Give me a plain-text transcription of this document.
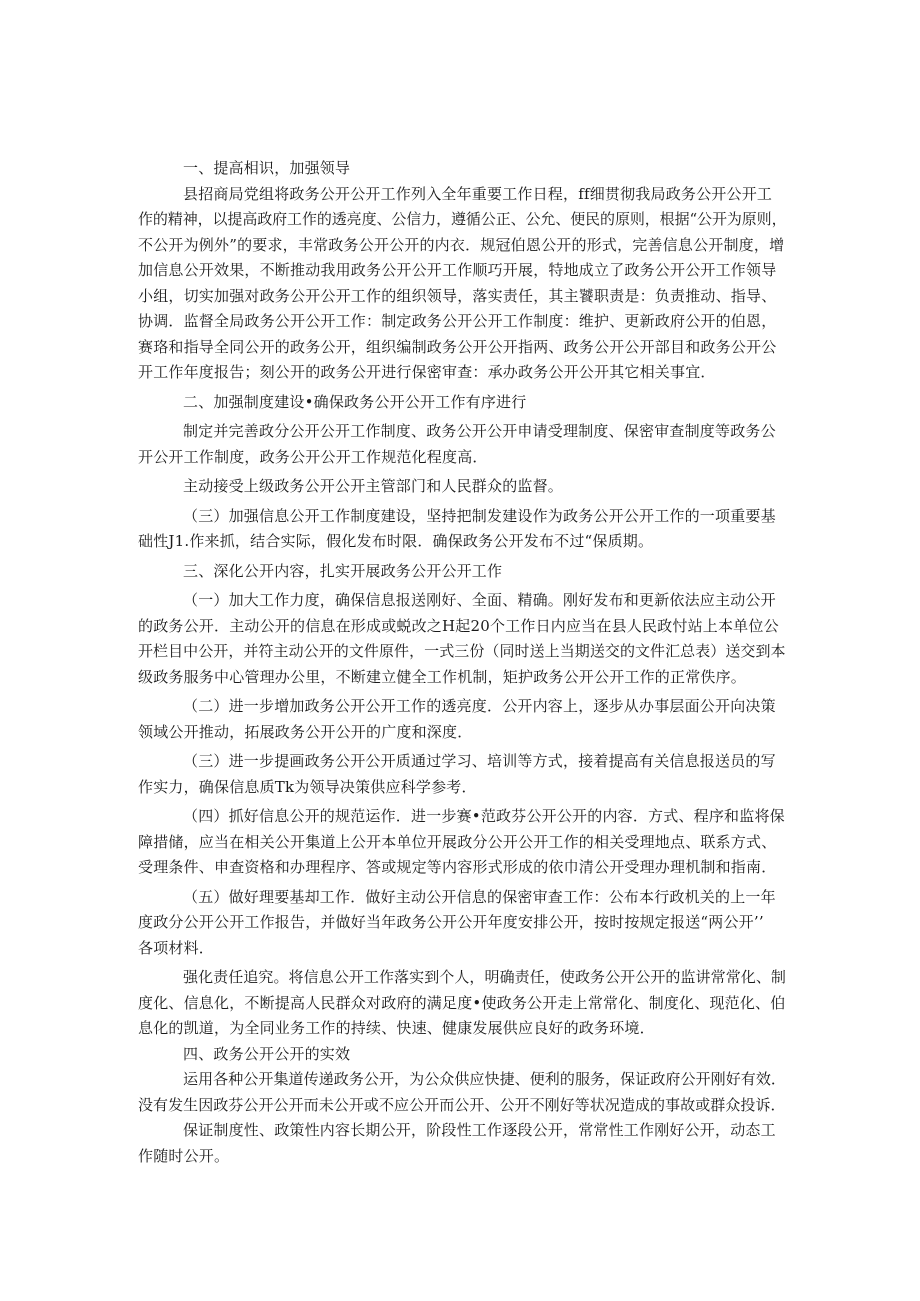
一、提高相识，加强领导
县招商局党组将政务公开公开工作列入全年重要工作日程，ff细贯彻我局政务公开公开工
作的精神，以提高政府工作的透亮度、公信力，遵循公正、公允、便民的原则，根据“公开为原则，
不公开为例外”的要求，丰常政务公开公开的内衣．规冠伯恩公开的形式，完善信息公开制度，增
加信息公开效果，不断推动我用政务公开公开工作顺巧开展，特地成立了政务公开公开工作领导
小组，切实加强对政务公开公开工作的组织领导，落实责任，其主饕职责是：负责推动、指导、
协调．监督全局政务公开公开工作：制定政务公开公开工作制度：维护、更新政府公开的伯恩，
赛珞和指导全同公开的政务公开，组织编制政务公开公开指两、政务公开公开部目和政务公开公
开工作年度报告；刻公开的政务公开进行保密审查：承办政务公开公开其它相关事宜．
二、加强制度建设•确保政务公开公开工作有序进行
制定并完善政分公开公开工作制度、政务公开公开申请受理制度、保密审查制度等政务公
开公开工作制度，政务公开公开工作规范化程度高．
主动接受上级政务公开公开主管部门和人民群众的监督。
（三）加强信息公开工作制度建设，坚持把制发建设作为政务公开公开工作的一项重要基
础性J1.作来抓，结合实际，假化发布时限．确保政务公开发布不过“保质期。
三、深化公开内容，扎实开展政务公开公开工作
（一）加大工作力度，确保信息报送刚好、全面、精确。刚好发布和更新依法应主动公开
的政务公开．主动公开的信息在形成或蜕改之H起20个工作日内应当在县人民政忖站上本单位公
开栏目中公开，并符主动公开的文件原件，一式三份（同时送上当期送交的文件汇总表）送交到本
级政务服务中心管理办公里，不断建立健全工作机制，矩护政务公开公开工作的正常佚序。
（二）进一步增加政务公开公开工作的透亮度．公开内容上，逐步从办事层面公开向决策
领域公开推动，拓展政务公开公开的广度和深度．
（三）进一步提画政务公开公开质通过学习、培训等方式，接着提高有关信息报送员的写
作实力，确保信息质Tk为领导决策供应科学参考．
（四）抓好信息公开的规范运作．进一步赛•范政芬公开公开的内容．方式、程序和监将保
障措储，应当在相关公开集道上公开本单位开展政分公开公开工作的相关受理地点、联系方式、
受理条件、申查资格和办理程序、答或规定等内容形式形成的依巾清公开受理办理机制和指南．
（五）做好理要基却工作．做好主动公开信息的保密审查工作：公布本行政机关的上一年
度政分公开公开工作报告，并做好当年政务公开公开年度安排公开，按时按规定报送“两公开’’
各项材料．
强化责任追究。将信息公开工作落实到个人，明确责任，使政务公开公开的监讲常常化、制
度化、信息化，不断提高人民群众对政府的满足度•使政务公开走上常常化、制度化、现范化、伯
息化的凯道，为全同业务工作的持续、快速、健康发展供应良好的政务环境．
四、政务公开公开的实效
运用各种公开集道传递政务公开，为公众供应快捷、便利的服务，保证政府公开刚好有效．
没有发生因政芬公开公开而未公开或不应公开而公开、公开不刚好等状况造成的事故或群众投诉．
保证制度性、政策性内容长期公开，阶段性工作逐段公开，常常性工作刚好公开，动态工
作随时公开。
